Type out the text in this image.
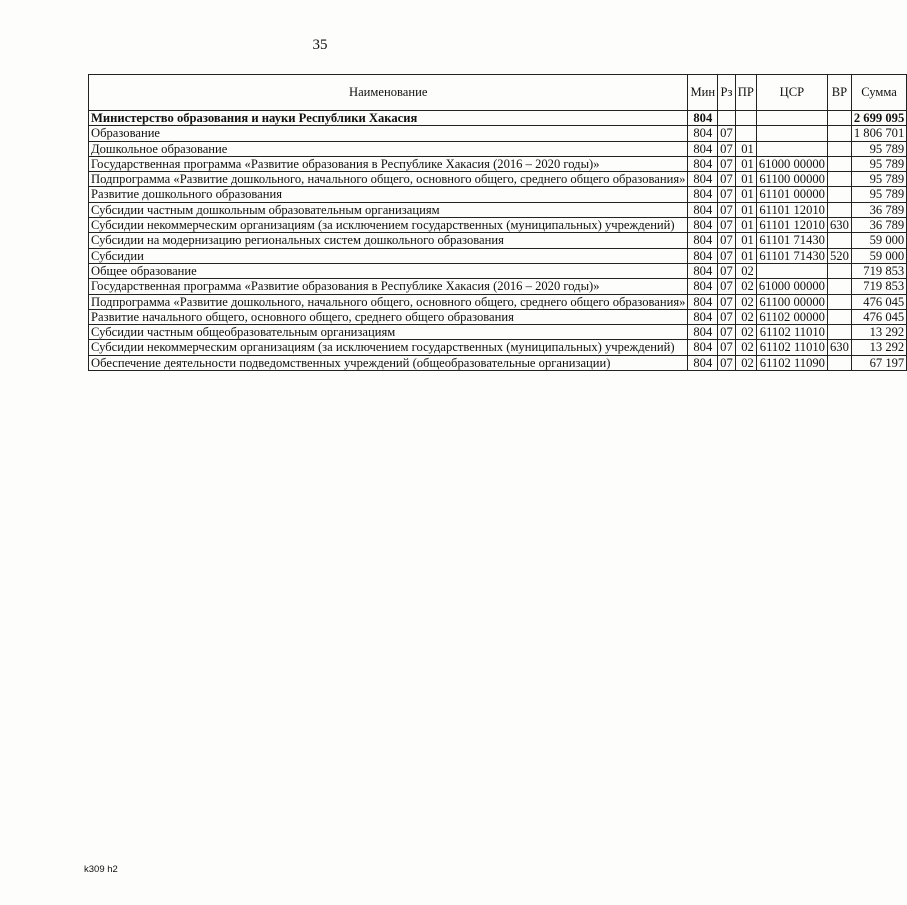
35
Наименование	Мин	Рз	ПР	ЦСР	ВР	Сумма
Министерство образования и науки Республики Хакасия	804					2 699 095
Образование	804	07				1 806 701
Дошкольное образование	804	07	01			95 789
Государственная программа «Развитие образования в Республике Хакасия (2016 – 2020 годы)»	804	07	01	61000 00000		95 789
Подпрограмма «Развитие дошкольного, начального общего, основного общего, среднего общего образования»	804	07	01	61100 00000		95 789
Развитие дошкольного образования	804	07	01	61101 00000		95 789
Субсидии частным дошкольным образовательным организациям	804	07	01	61101 12010		36 789
Субсидии некоммерческим организациям (за исключением государственных (муниципальных) учреждений)	804	07	01	61101 12010	630	36 789
Субсидии на модернизацию региональных систем дошкольного образования	804	07	01	61101 71430		59 000
Субсидии	804	07	01	61101 71430	520	59 000
Общее образование	804	07	02			719 853
Государственная программа «Развитие образования в Республике Хакасия (2016 – 2020 годы)»	804	07	02	61000 00000		719 853
Подпрограмма «Развитие дошкольного, начального общего, основного общего, среднего общего образования»	804	07	02	61100 00000		476 045
Развитие начального общего, основного общего, среднего общего образования	804	07	02	61102 00000		476 045
Субсидии частным общеобразовательным организациям	804	07	02	61102 11010		13 292
Субсидии некоммерческим организациям (за исключением государственных (муниципальных) учреждений)	804	07	02	61102 11010	630	13 292
Обеспечение деятельности подведомственных учреждений (общеобразовательные организации)	804	07	02	61102 11090		67 197
k309 h2
